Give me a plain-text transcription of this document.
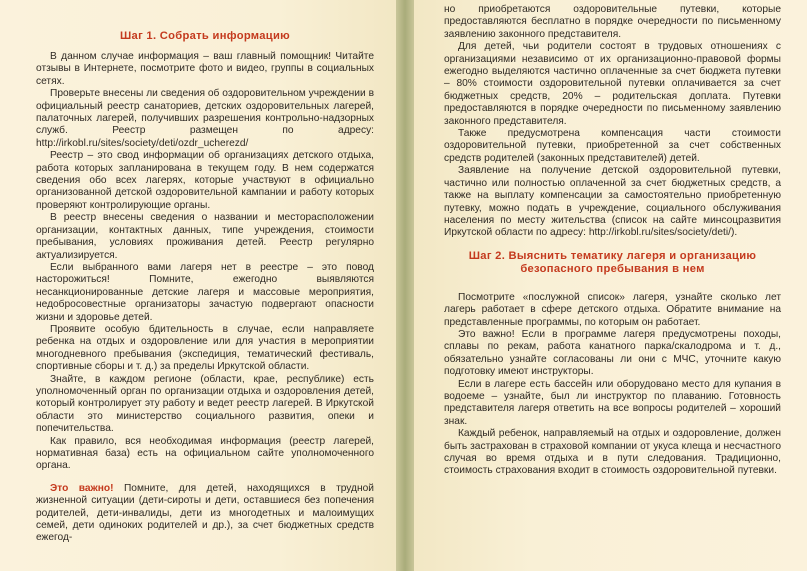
Шаг 1. Собрать информацию

В данном случае информация – ваш главный помощник! Читайте отзывы в Интернете, посмотрите фото и видео, группы в социальных сетях.

Проверьте внесены ли сведения об оздоровительном учреждении в официальный реестр санаториев, детских оздоровительных лагерей, палаточных лагерей, получивших разрешения контрольно-надзорных служб. Реестр размещен по адресу: http://irkobl.ru/sites/society/deti/ozdr_ucherezd/

Реестр – это свод информации об организациях детского отдыха, работа которых запланирована в текущем году. В нем содержатся сведения обо всех лагерях, которые участвуют в официально организованной детской оздоровительной кампании и работу которых проверяют контролирующие органы.

В реестр внесены сведения о названии и месторасположении организации, контактных данных, типе учреждения, стоимости пребывания, условиях проживания детей. Реестр регулярно актуализируется.

Если выбранного вами лагеря нет в реестре – это повод насторожиться! Помните, ежегодно выявляются несанкционированные детские лагеря и массовые мероприятия, недобросовестные организаторы зачастую подвергают опасности жизни и здоровье детей.

Проявите особую бдительность в случае, если направляете ребенка на отдых и оздоровление или для участия в мероприятии многодневного пребывания (экспедиция, тематический фестиваль, спортивные сборы и т. д.) за пределы Иркутской области.

Знайте, в каждом регионе (области, крае, республике) есть уполномоченный орган по организации отдыха и оздоровления детей, который контролирует эту работу и ведет реестр лагерей. В Иркутской области это министерство социального развития, опеки и попечительства.

Как правило, вся необходимая информация (реестр лагерей, нормативная база) есть на официальном сайте уполномоченного органа.

Это важно! Помните, для детей, находящихся в трудной жизненной ситуации (дети-сироты и дети, оставшиеся без попечения родителей, дети-инвалиды, дети из многодетных и малоимущих семей, дети одиноких родителей и др.), за счет бюджетных средств ежегод-

но приобретаются оздоровительные путевки, которые предоставляются бесплатно в порядке очередности по письменному заявлению законного представителя.

Для детей, чьи родители состоят в трудовых отношениях с организациями независимо от их организационно-правовой формы ежегодно выделяются частично оплаченные за счет бюджета путевки – 80% стоимости оздоровительной путевки оплачивается за счет бюджетных средств, 20% – родительская доплата. Путевки предоставляются в порядке очередности по письменному заявлению законного представителя.

Также предусмотрена компенсация части стоимости оздоровительной путевки, приобретенной за счет собственных средств родителей (законных представителей) детей.

Заявление на получение детской оздоровительной путевки, частично или полностью оплаченной за счет бюджетных средств, а также на выплату компенсации за самостоятельно приобретенную путевку, можно подать в учреждение, социального обслуживания населения по месту жительства (список на сайте минсоцразвития Иркутской области по адресу: http://irkobl.ru/sites/society/deti/).

Шаг 2. Выяснить тематику лагеря и организацию безопасного пребывания в нем

Посмотрите «послужной список» лагеря, узнайте сколько лет лагерь работает в сфере детского отдыха. Обратите внимание на представленные программы, по которым он работает.

Это важно! Если в программе лагеря предусмотрены походы, сплавы по рекам, работа канатного парка/скалодрома и т. д., обязательно узнайте согласованы ли они с МЧС, уточните какую подготовку имеют инструкторы.

Если в лагере есть бассейн или оборудовано место для купания в водоеме – узнайте, был ли инструктор по плаванию. Готовность представителя лагеря ответить на все вопросы родителей – хороший знак.

Каждый ребенок, направляемый на отдых и оздоровление, должен быть застрахован в страховой компании от укуса клеща и несчастного случая во время отдыха и в пути следования. Традиционно, стоимость страхования входит в стоимость оздоровительной путевки.
